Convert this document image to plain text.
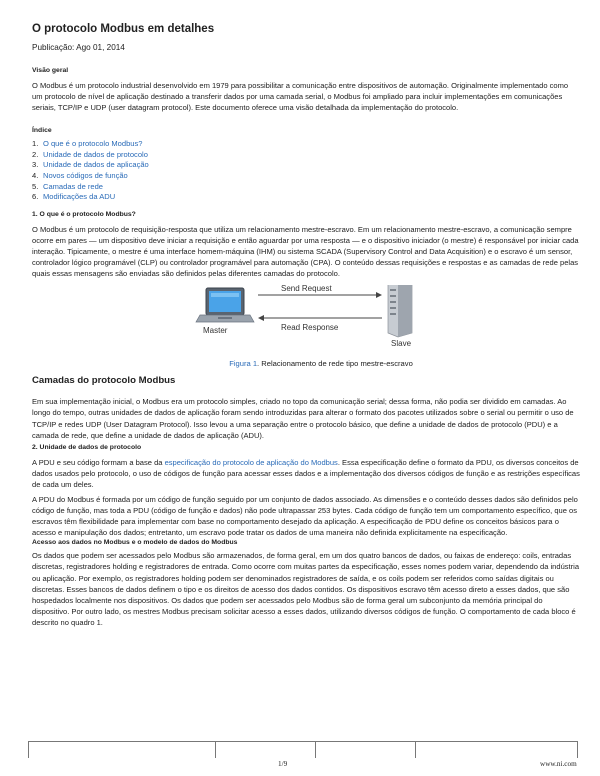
O protocolo Modbus em detalhes
Publicação: Ago 01, 2014
Visão geral

O Modbus é um protocolo industrial desenvolvido em 1979 para possibilitar a comunicação entre dispositivos de automação. Originalmente implementado como um protocolo de nível de aplicação destinado a transferir dados por uma camada serial, o Modbus foi ampliado para incluir implementações em comunicações seriais, TCP/IP e UDP (user datagram protocol). Este documento oferece uma visão detalhada da implementação do protocolo.

Índice
1. O que é o protocolo Modbus?
2. Unidade de dados de protocolo
3. Unidade de dados de aplicação
4. Novos códigos de função
5. Camadas de rede
6. Modificações da ADU
1. O que é o protocolo Modbus?

O Modbus é um protocolo de requisição-resposta que utiliza um relacionamento mestre-escravo. Em um relacionamento mestre-escravo, a comunicação sempre ocorre em pares — um dispositivo deve iniciar a requisição e então aguardar por uma resposta — e o dispositivo iniciador (o mestre) é responsável por iniciar cada interação. Tipicamente, o mestre é uma interface homem-máquina (IHM) ou sistema SCADA (Supervisory Control and Data Acquisition) e o escravo é um sensor, controlador lógico programável (CLP) ou controlador programável para automação (CPA). O conteúdo dessas requisições e respostas e as camadas de rede pelas quais essas mensagens são enviadas são definidos pelas diferentes camadas do protocolo.

Master
Send Request
Read Response
Slave
Figura 1. Relacionamento de rede tipo mestre-escravo
Camadas do protocolo Modbus

Em sua implementação inicial, o Modbus era um protocolo simples, criado no topo da comunicação serial; dessa forma, não podia ser dividido em camadas. Ao longo do tempo, outras unidades de dados de aplicação foram sendo introduzidas para alterar o formato dos pacotes utilizados sobre o serial ou permitir o uso de TCP/IP e redes UDP (User Datagram Protocol). Isso levou a uma separação entre o protocolo básico, que define a unidade de dados de protocolo (PDU) e a camada de rede, que define a unidade de dados de aplicação (ADU).

2. Unidade de dados de protocolo

A PDU e seu código formam a base da especificação do protocolo de aplicação do Modbus. Essa especificação define o formato da PDU, os diversos conceitos de dados usados pelo protocolo, o uso de códigos de função para acessar esses dados e a implementação dos diversos códigos de função e as restrições específicas de cada um deles.

A PDU do Modbus é formada por um código de função seguido por um conjunto de dados associado. As dimensões e o conteúdo desses dados são definidos pelo código de função, mas toda a PDU (código de função e dados) não pode ultrapassar 253 bytes. Cada código de função tem um comportamento específico, que os escravos têm flexibilidade para implementar com base no comportamento desejado da aplicação. A especificação de PDU define os conceitos básicos para o acesso e manipulação dos dados; entretanto, um escravo pode tratar os dados de uma maneira não definida explicitamente na especificação.

Acesso aos dados no Modbus e o modelo de dados do Modbus

Os dados que podem ser acessados pelo Modbus são armazenados, de forma geral, em um dos quatro bancos de dados, ou faixas de endereço: coils, entradas discretas, registradores holding e registradores de entrada. Como ocorre com muitas partes da especificação, esses nomes podem variar, dependendo da indústria ou aplicação. Por exemplo, os registradores holding podem ser denominados registradores de saída, e os coils podem ser referidos como saídas digitais ou discretas. Esses bancos de dados definem o tipo e os direitos de acesso dos dados contidos. Os dispositivos escravo têm acesso direto a esses dados, que são hospedados localmente nos dispositivos. Os dados que podem ser acessados pelo Modbus são de forma geral um subconjunto da memória principal do dispositivo. Por outro lado, os mestres Modbus precisam solicitar acesso a esses dados, utilizando diversos códigos de função. O comportamento de cada bloco é descrito no quadro 1.

1/9	www.ni.com
